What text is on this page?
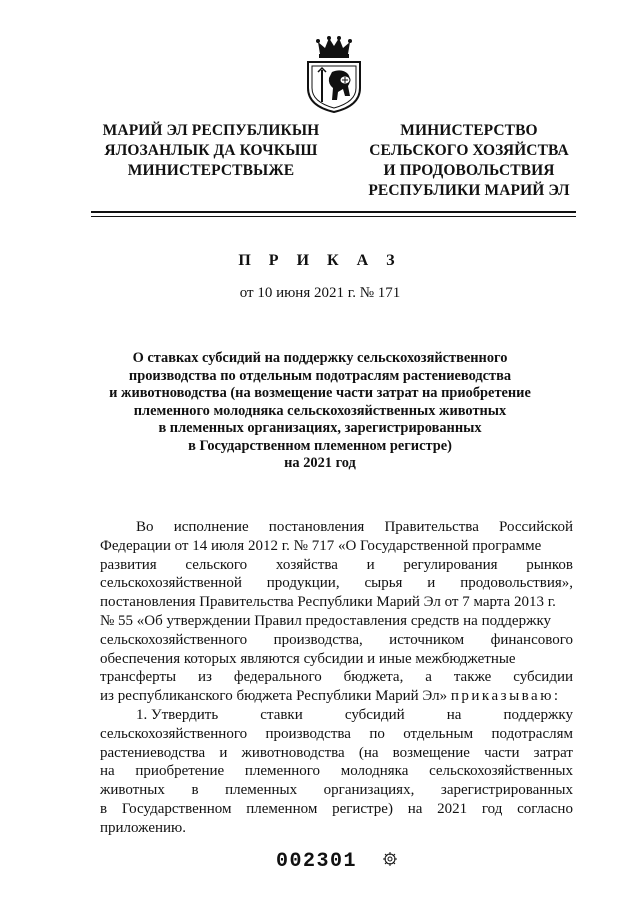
МАРИЙ ЭЛ РЕСПУБЛИКЫН
ЯЛОЗАНЛЫК ДА КОЧКЫШ
МИНИСТЕРСТВЫЖЕ
МИНИСТЕРСТВО
СЕЛЬСКОГО ХОЗЯЙСТВА
И ПРОДОВОЛЬСТВИЯ
РЕСПУБЛИКИ МАРИЙ ЭЛ
П Р И К А З
от 10 июня 2021 г. № 171
О ставках субсидий на поддержку сельскохозяйственного
производства по отдельным подотраслям растениеводства
и животноводства (на возмещение части затрат на приобретение
племенного молодняка сельскохозяйственных животных
в племенных организациях, зарегистрированных
в Государственном племенном регистре)
на 2021 год
Во исполнение постановления Правительства Российской
Федерации от 14 июля 2012 г. № 717 «О Государственной программе
развития сельского хозяйства и регулирования рынков
сельскохозяйственной продукции, сырья и продовольствия»,
постановления Правительства Республики Марий Эл от 7 марта 2013 г.
№ 55 «Об утверждении Правил предоставления средств на поддержку
сельскохозяйственного производства, источником финансового
обеспечения которых являются субсидии и иные межбюджетные
трансферты из федерального бюджета, а также субсидии
из республиканского бюджета Республики Марий Эл» приказываю:
1. Утвердить	ставки	субсидий	на	поддержку
сельскохозяйственного производства по отдельным подотраслям
растениеводства и животноводства (на возмещение части затрат
на приобретение племенного молодняка сельскохозяйственных
животных в племенных организациях, зарегистрированных
в Государственном племенном регистре) на 2021 год согласно
приложению.
002301
